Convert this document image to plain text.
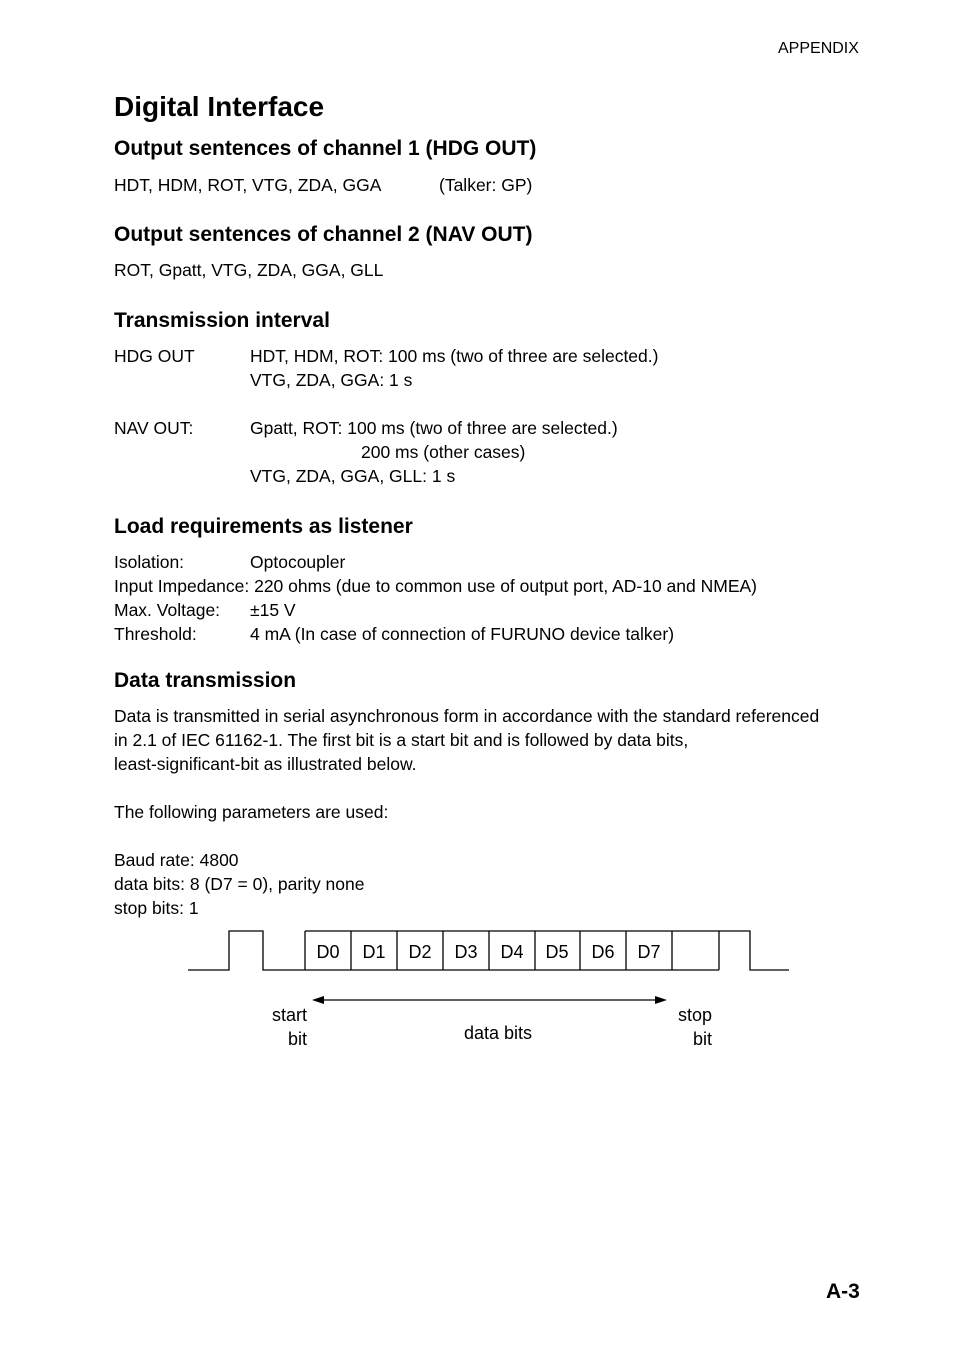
APPENDIX
Digital Interface
Output sentences of channel 1 (HDG OUT)
HDT, HDM, ROT, VTG, ZDA, GGA	(Talker: GP)
Output sentences of channel 2 (NAV OUT)
ROT, Gpatt, VTG, ZDA, GGA, GLL
Transmission interval
HDG OUT	HDT, HDM, ROT: 100 ms (two of three are selected.)
VTG, ZDA, GGA: 1 s
NAV OUT:	Gpatt, ROT: 100 ms (two of three are selected.)
200 ms (other cases)
VTG, ZDA, GGA, GLL: 1 s
Load requirements as listener
Isolation:	Optocoupler
Input Impedance: 220 ohms (due to common use of output port, AD-10 and NMEA)
Max. Voltage: ±15 V
Threshold:	4 mA (In case of connection of FURUNO device talker)
Data transmission
Data is transmitted in serial asynchronous form in accordance with the standard referenced
in 2.1 of IEC 61162-1. The first bit is a start bit and is followed by data bits,
least-significant-bit as illustrated below.
The following parameters are used:
Baud rate: 4800
data bits: 8 (D7 = 0), parity none
stop bits: 1
D0 D1 D2 D3 D4 D5 D6 D7
start
bit	data bits
stop
bit
A-3
